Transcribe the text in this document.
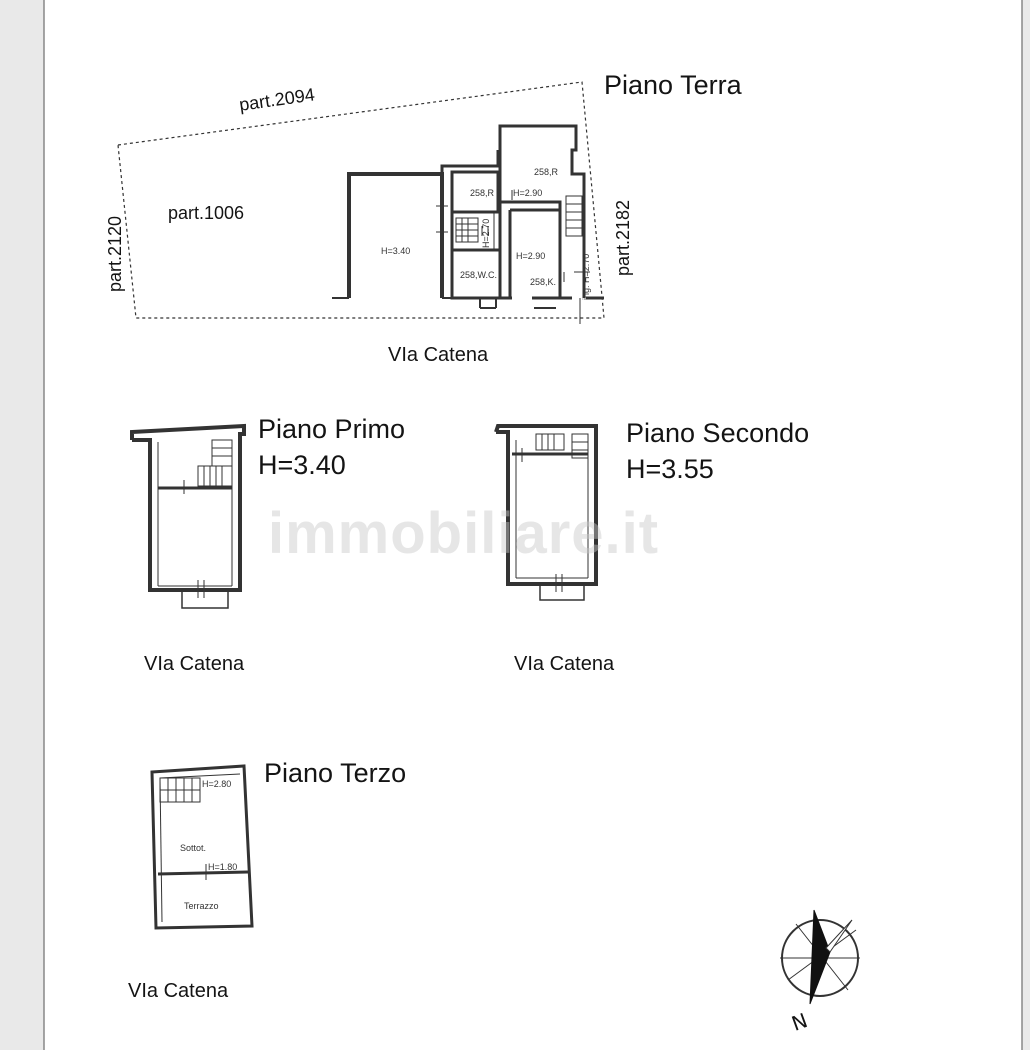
immobiliare.it
Piano Terra
part.2094
part.2120
part.1006	part.2182
VIa Catena
H=3.40
258,R
258,R
H=2.90
H=2.90
H=2.70
ing. H=2.70
258,W.C.
258,K.
Piano Primo
H=3.40
VIa Catena
Piano Secondo
H=3.55
VIa Catena
Piano Terzo
H=2.80
Sottot.
H=1.80
Terrazzo
VIa Catena
N
